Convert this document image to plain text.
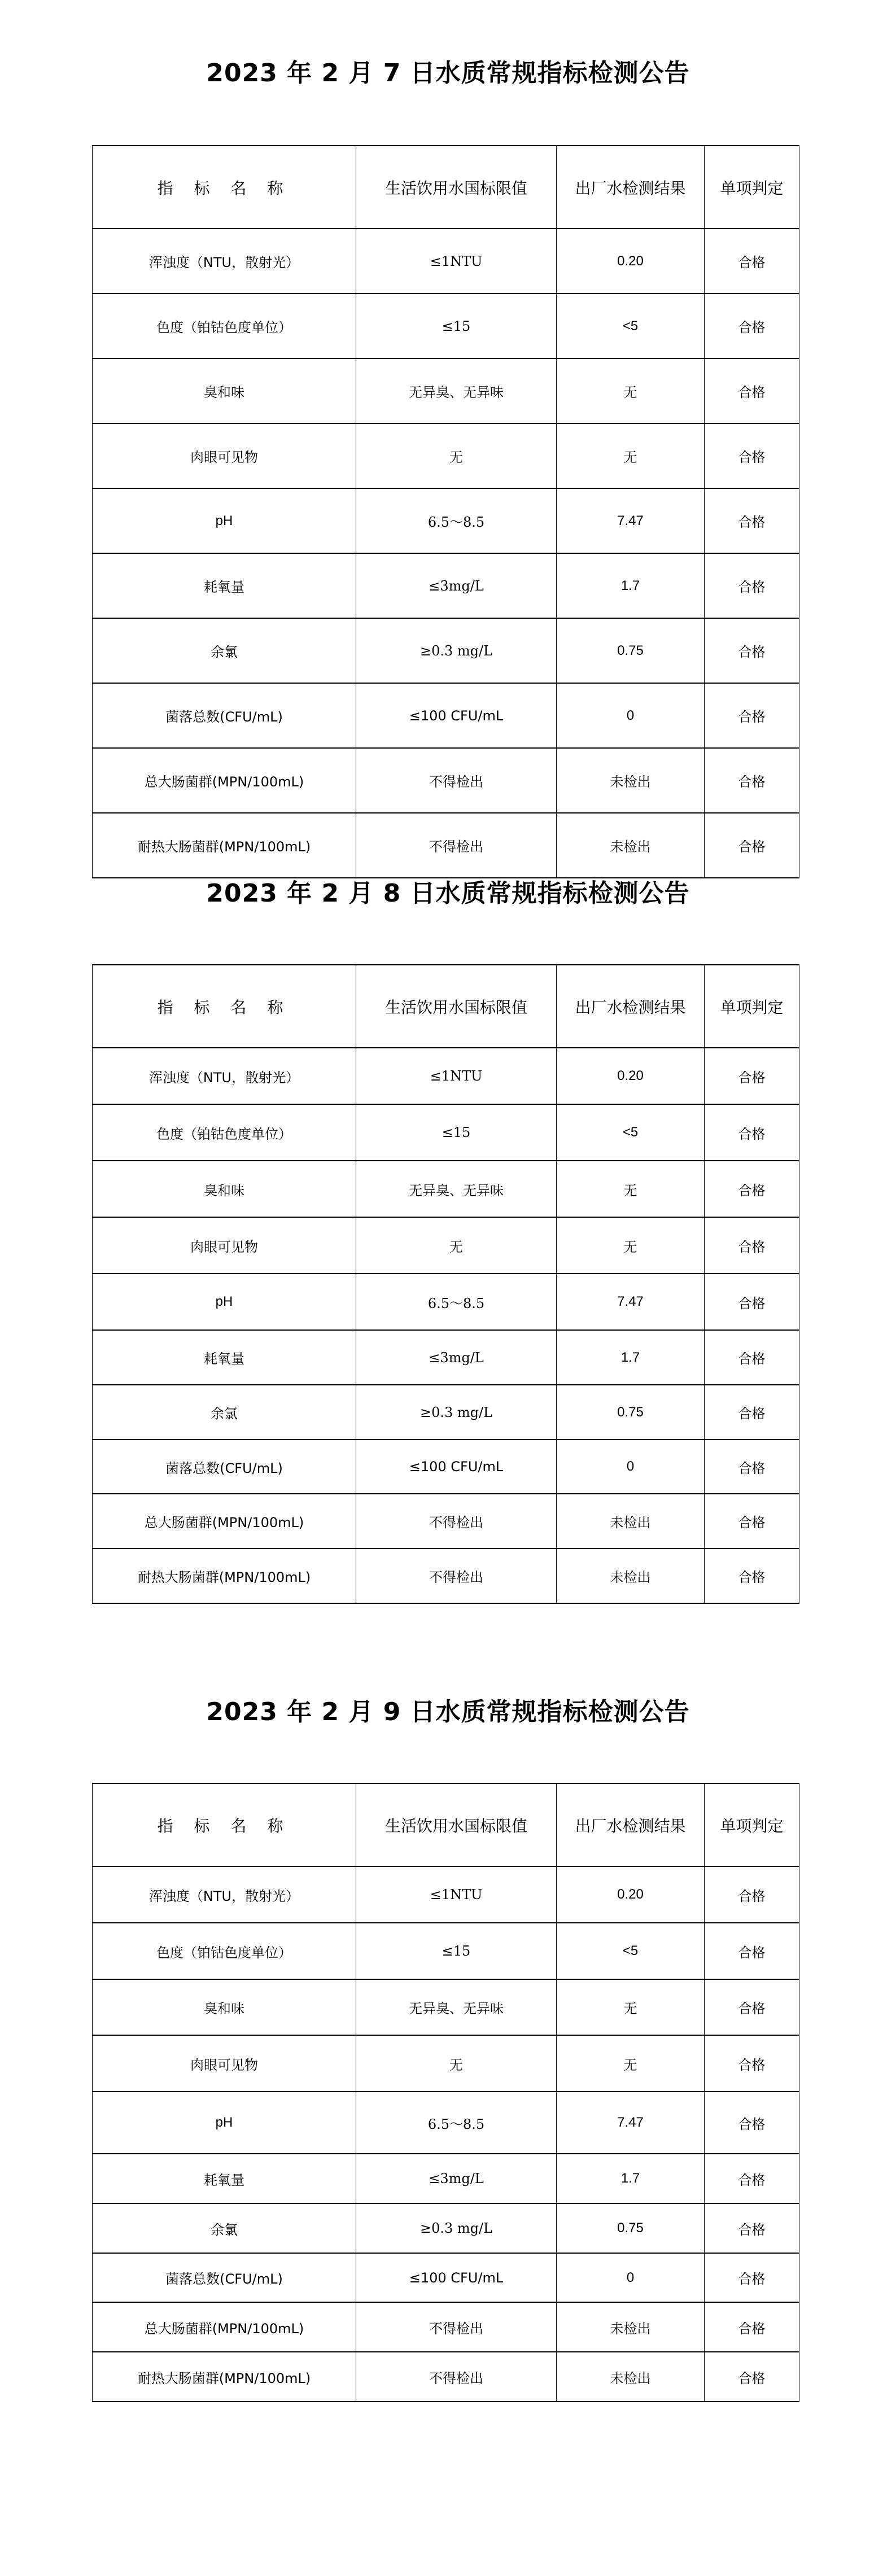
2023 年 2 月 7 日水质常规指标检测公告
指 标 名 称	生活饮用水国标限值	出厂水检测结果	单项判定
浑浊度（NTU，散射光）	≤1NTU	0.20	合格
色度（铂钴色度单位）	≤15	<5	合格
臭和味	无异臭、无异味	无	合格
肉眼可见物	无	无	合格
pH	6.5～8.5	7.47	合格
耗氧量	≤3mg/L	1.7	合格
余氯	≥0.3 mg/L	0.75	合格
菌落总数(CFU/mL)	≤100 CFU/mL	0	合格
总大肠菌群(MPN/100mL)	不得检出	未检出	合格
耐热大肠菌群(MPN/100mL)	不得检出	未检出	合格
2023 年 2 月 8 日水质常规指标检测公告
指 标 名 称	生活饮用水国标限值	出厂水检测结果	单项判定
浑浊度（NTU，散射光）	≤1NTU	0.20	合格
色度（铂钴色度单位）	≤15	<5	合格
臭和味	无异臭、无异味	无	合格
肉眼可见物	无	无	合格
pH	6.5～8.5	7.47	合格
耗氧量	≤3mg/L	1.7	合格
余氯	≥0.3 mg/L	0.75	合格
菌落总数(CFU/mL)	≤100 CFU/mL	0	合格
总大肠菌群(MPN/100mL)	不得检出	未检出	合格
耐热大肠菌群(MPN/100mL)	不得检出	未检出	合格
2023 年 2 月 9 日水质常规指标检测公告
指 标 名 称	生活饮用水国标限值	出厂水检测结果	单项判定
浑浊度（NTU，散射光）	≤1NTU	0.20	合格
色度（铂钴色度单位）	≤15	<5	合格
臭和味	无异臭、无异味	无	合格
肉眼可见物	无	无	合格
pH	6.5～8.5	7.47	合格
耗氧量	≤3mg/L	1.7	合格
余氯	≥0.3 mg/L	0.75	合格
菌落总数(CFU/mL)	≤100 CFU/mL	0	合格
总大肠菌群(MPN/100mL)	不得检出	未检出	合格
耐热大肠菌群(MPN/100mL)	不得检出	未检出	合格
